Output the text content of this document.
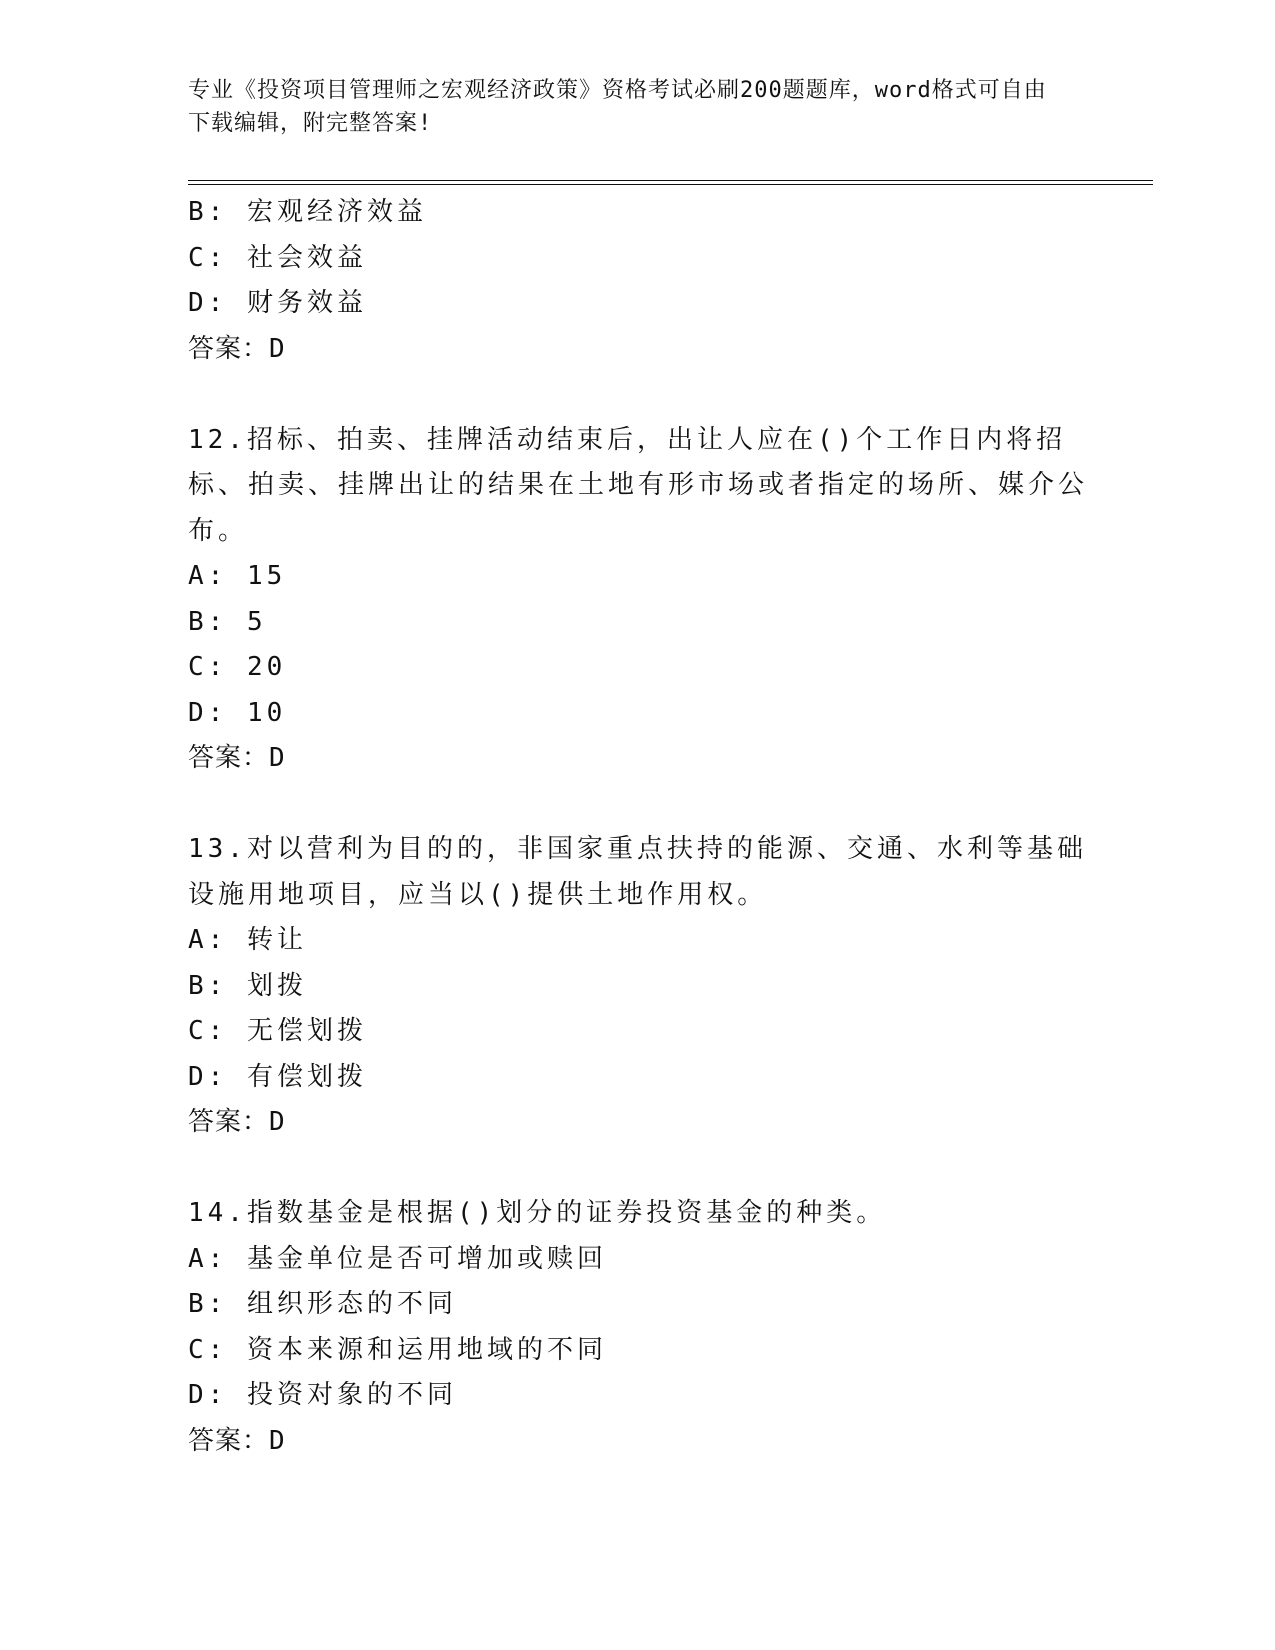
专业《投资项目管理师之宏观经济政策》资格考试必刷200题题库，word格式可自由下载编辑，附完整答案!
B: 宏观经济效益
C: 社会效益
D: 财务效益
答案：D
12.招标、拍卖、挂牌活动结束后，出让人应在()个工作日内将招标、拍卖、挂牌出让的结果在土地有形市场或者指定的场所、媒介公布。
A: 15
B: 5
C: 20
D: 10
答案：D
13.对以营利为目的的，非国家重点扶持的能源、交通、水利等基础设施用地项目，应当以()提供土地作用权。
A: 转让
B: 划拨
C: 无偿划拨
D: 有偿划拨
答案：D
14.指数基金是根据()划分的证券投资基金的种类。
A: 基金单位是否可增加或赎回
B: 组织形态的不同
C: 资本来源和运用地域的不同
D: 投资对象的不同
答案：D
